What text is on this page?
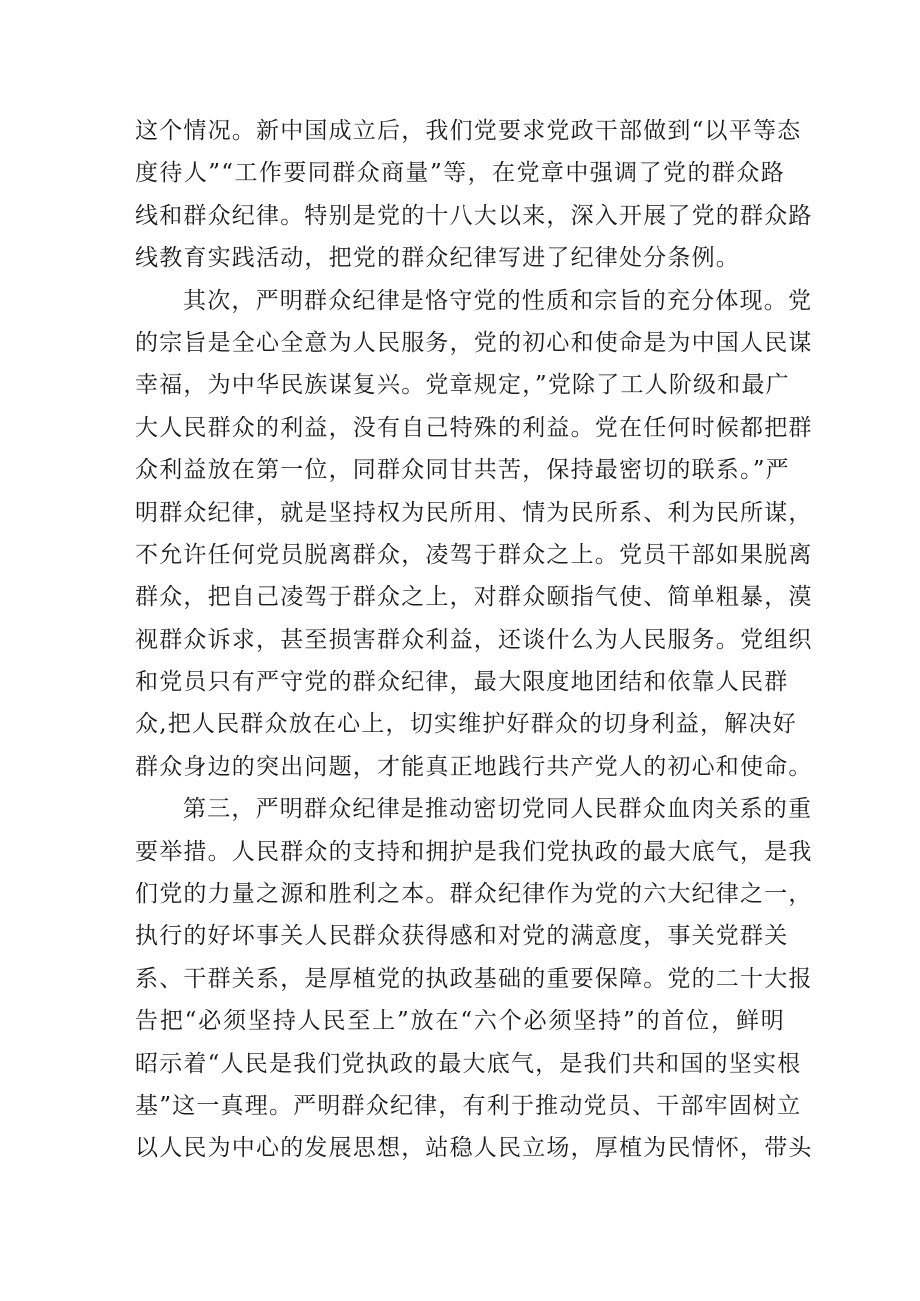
这个情况。新中国成立后，我们党要求党政干部做到“以平等态
度待人”“工作要同群众商量”等，在党章中强调了党的群众路
线和群众纪律。特别是党的十八大以来，深入开展了党的群众路
线教育实践活动，把党的群众纪律写进了纪律处分条例。
其次，严明群众纪律是恪守党的性质和宗旨的充分体现。党
的宗旨是全心全意为人民服务，党的初心和使命是为中国人民谋
幸福，为中华民族谋复兴。党章规定，”党除了工人阶级和最广
大人民群众的利益，没有自己特殊的利益。党在任何时候都把群
众利益放在第一位，同群众同甘共苦，保持最密切的联系。”严
明群众纪律，就是坚持权为民所用、情为民所系、利为民所谋，
不允许任何党员脱离群众，凌驾于群众之上。党员干部如果脱离
群众，把自己凌驾于群众之上，对群众颐指气使、简单粗暴，漠
视群众诉求，甚至损害群众利益，还谈什么为人民服务。党组织
和党员只有严守党的群众纪律，最大限度地团结和依靠人民群
众,把人民群众放在心上，切实维护好群众的切身利益，解决好
群众身边的突出问题，才能真正地践行共产党人的初心和使命。
第三，严明群众纪律是推动密切党同人民群众血肉关系的重
要举措。人民群众的支持和拥护是我们党执政的最大底气，是我
们党的力量之源和胜利之本。群众纪律作为党的六大纪律之一，
执行的好坏事关人民群众获得感和对党的满意度，事关党群关
系、干群关系，是厚植党的执政基础的重要保障。党的二十大报
告把“必须坚持人民至上”放在“六个必须坚持”的首位，鲜明
昭示着“人民是我们党执政的最大底气，是我们共和国的坚实根
基”这一真理。严明群众纪律，有利于推动党员、干部牢固树立
以人民为中心的发展思想，站稳人民立场，厚植为民情怀，带头
